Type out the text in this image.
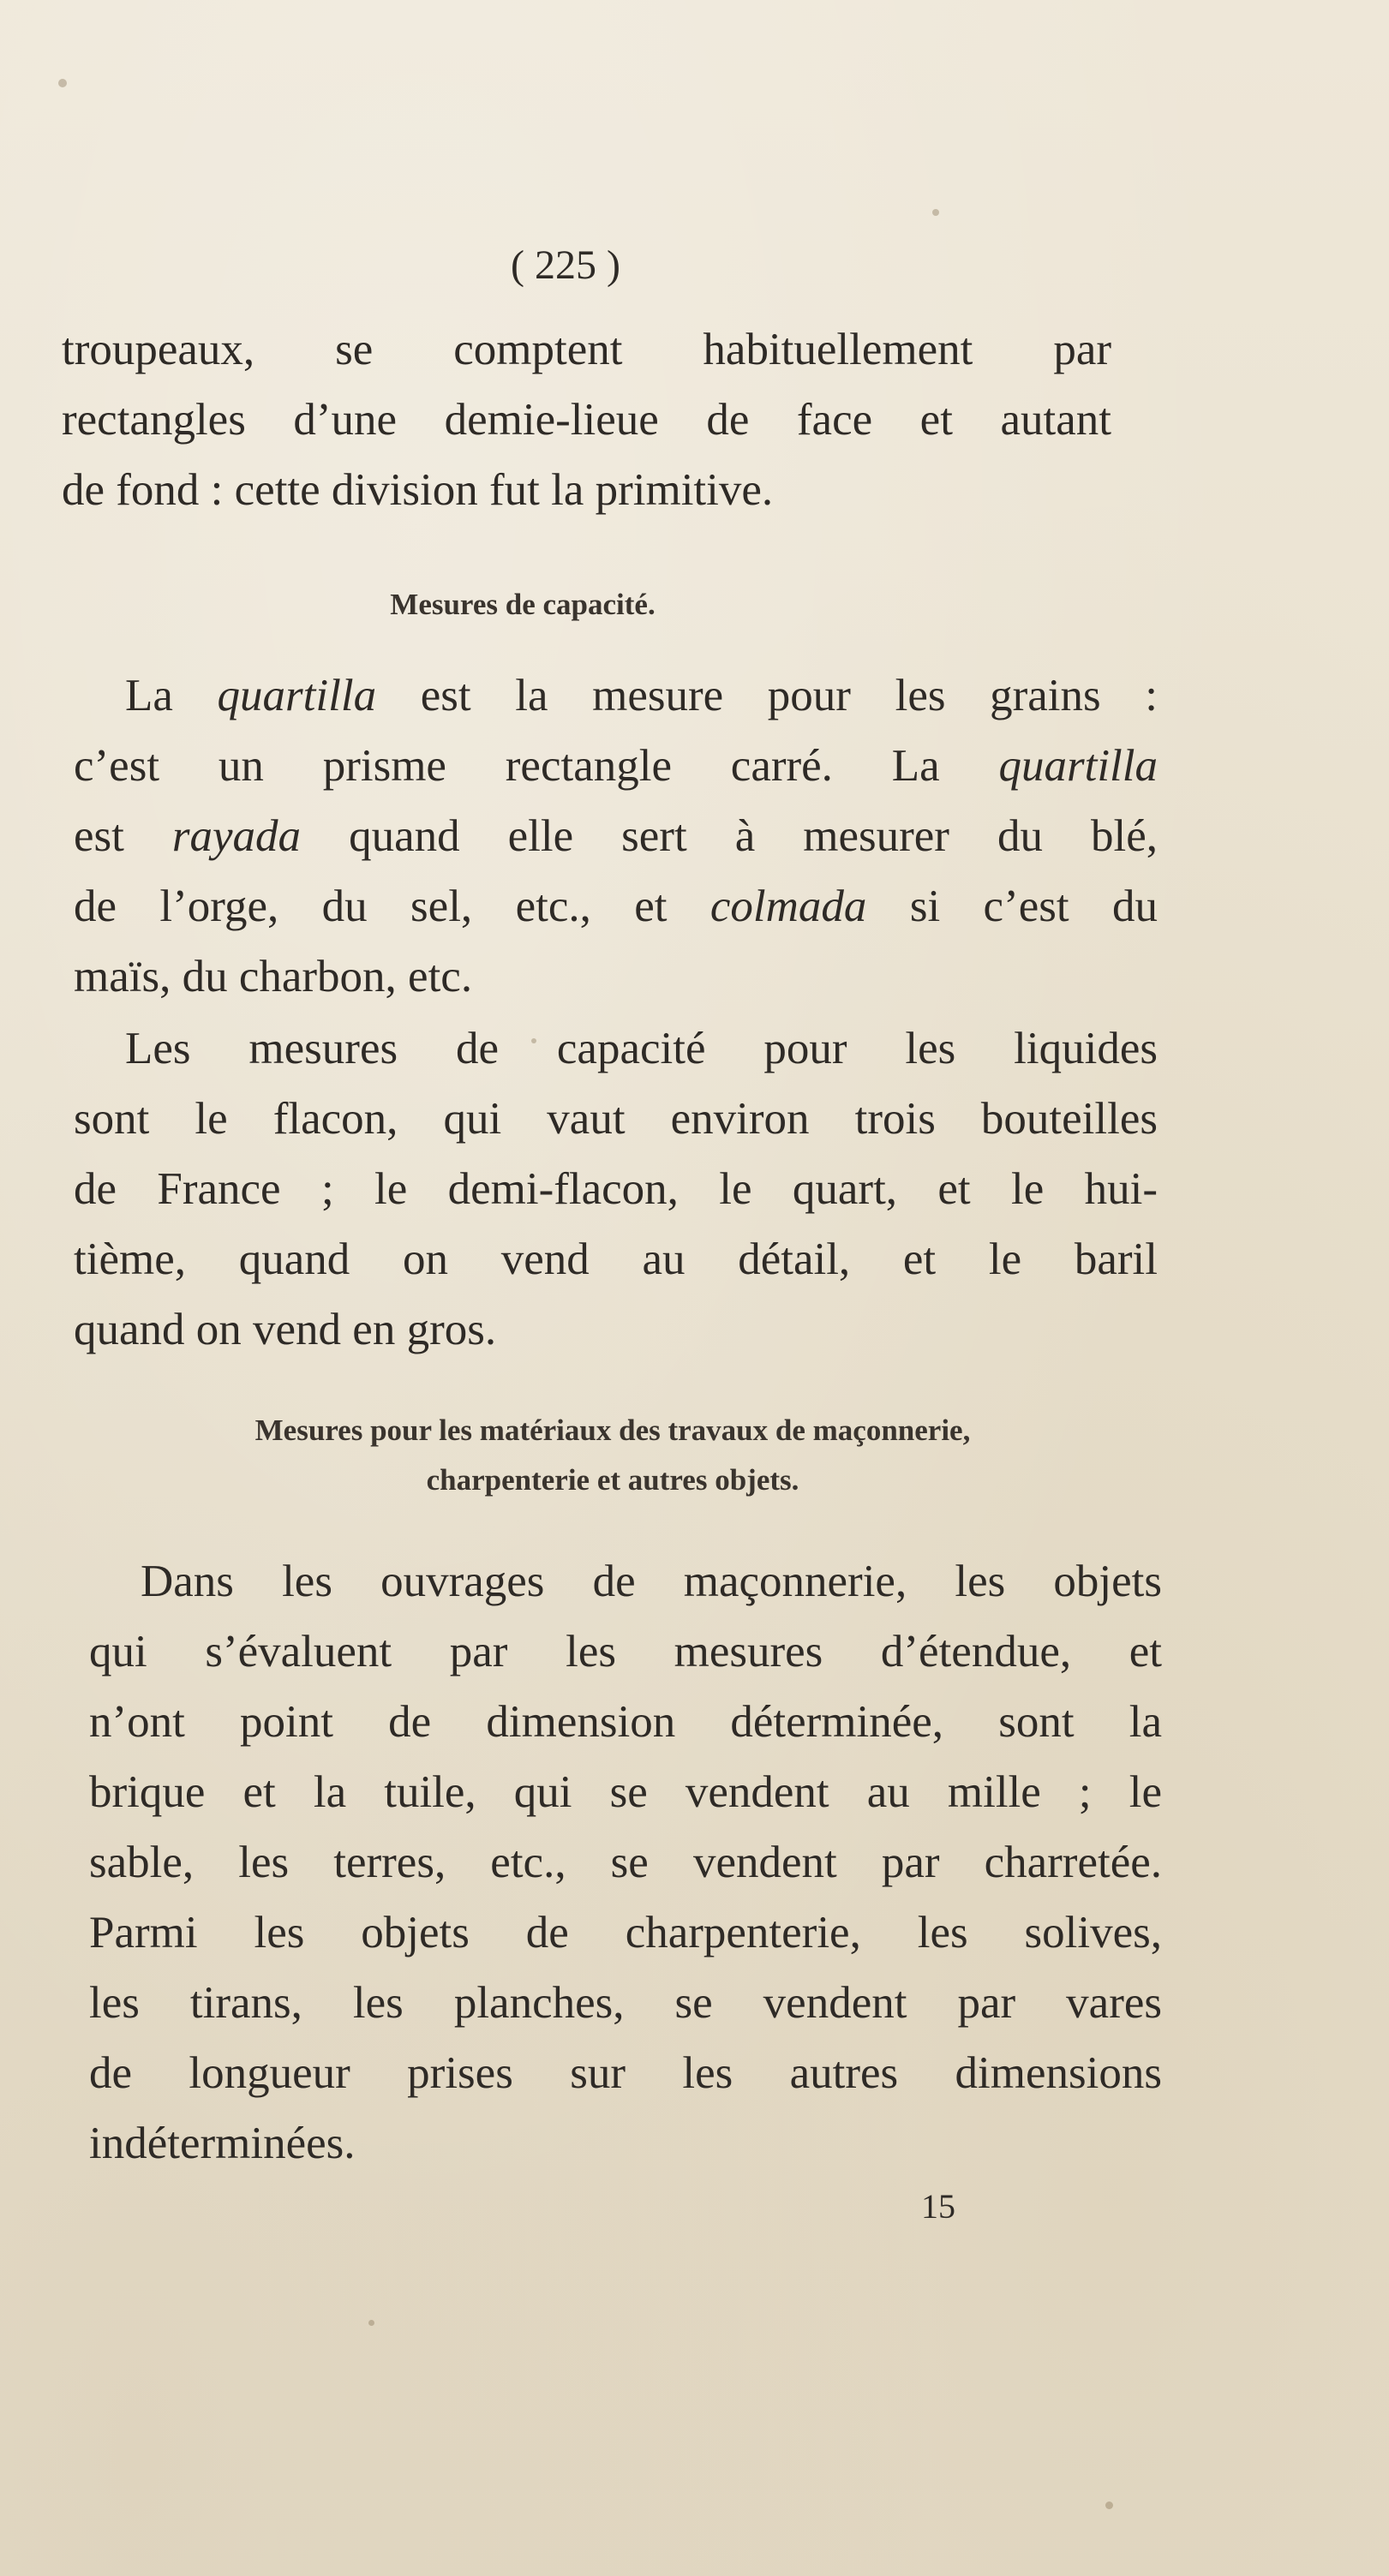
( 225 )
troupeaux, se comptent habituellement par
rectangles d’une demie-lieue de face et autant
de fond : cette division fut la primitive.
Mesures de capacité.
La quartilla est la mesure pour les grains :
c’est un prisme rectangle carré. La quartilla
est rayada quand elle sert à mesurer du blé,
de l’orge, du sel, etc., et colmada si c’est du
maïs, du charbon, etc.
Les mesures de capacité pour les liquides
sont le flacon, qui vaut environ trois bouteilles
de France ; le demi-flacon, le quart, et le hui-
tième, quand on vend au détail, et le baril
quand on vend en gros.
Mesures pour les matériaux des travaux de maçonnerie,
charpenterie et autres objets.
Dans les ouvrages de maçonnerie, les objets
qui s’évaluent par les mesures d’étendue, et
n’ont point de dimension déterminée, sont la
brique et la tuile, qui se vendent au mille ; le
sable, les terres, etc., se vendent par charretée.
Parmi les objets de charpenterie, les solives,
les tirans, les planches, se vendent par vares
de longueur prises sur les autres dimensions
indéterminées.
15
